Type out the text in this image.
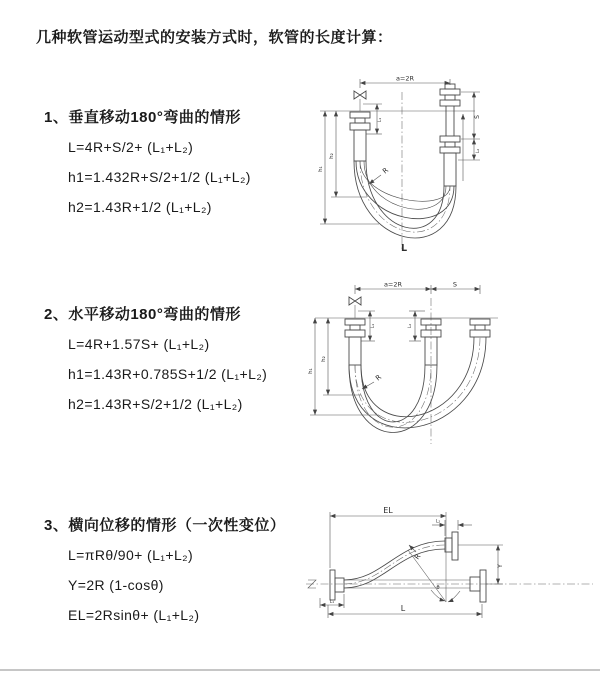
几种软管运动型式的安装方式时，软管的长度计算：
1、垂直移动180°弯曲的情形
L=4R+S/2+ (L₁+L₂)
h1=1.432R+S/2+1/2 (L₁+L₂)
h2=1.43R+1/2 (L₁+L₂)
a=2R
S
L₂
h₁
h₂
L₁
R
L
2、水平移动180°弯曲的情形
L=4R+1.57S+ (L₁+L₂)
h1=1.43R+0.785S+1/2 (L₁+L₂)
h2=1.43R+S/2+1/2 (L₁+L₂)
a=2R	S
L₁	L₂
h₁
h₂
R
3、横向位移的情形（一次性变位）
L=πRθ/90+ (L₁+L₂)
Y=2R (1-cosθ)
EL=2Rsinθ+ (L₁+L₂)
EL
θ
Y
L
L₁
L₂
R
